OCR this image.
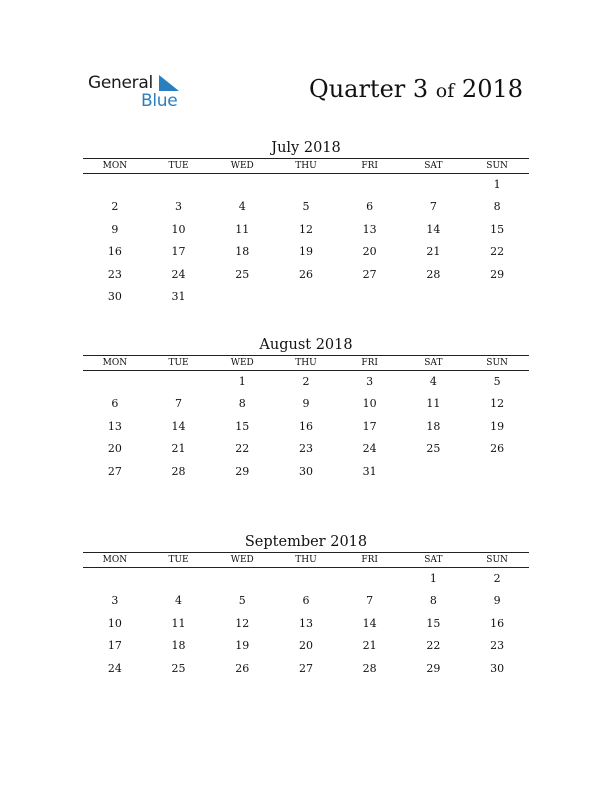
General
Blue	Quarter 3 of 2018
July 2018
MON	TUE	WED	THU	FRI	SAT	SUN
						1
2	3	4	5	6	7	8
9	10	11	12	13	14	15
16	17	18	19	20	21	22
23	24	25	26	27	28	29
30	31					
August 2018
MON	TUE	WED	THU	FRI	SAT	SUN
		1	2	3	4	5
6	7	8	9	10	11	12
13	14	15	16	17	18	19
20	21	22	23	24	25	26
27	28	29	30	31		
September 2018
MON	TUE	WED	THU	FRI	SAT	SUN
					1	2
3	4	5	6	7	8	9
10	11	12	13	14	15	16
17	18	19	20	21	22	23
24	25	26	27	28	29	30
